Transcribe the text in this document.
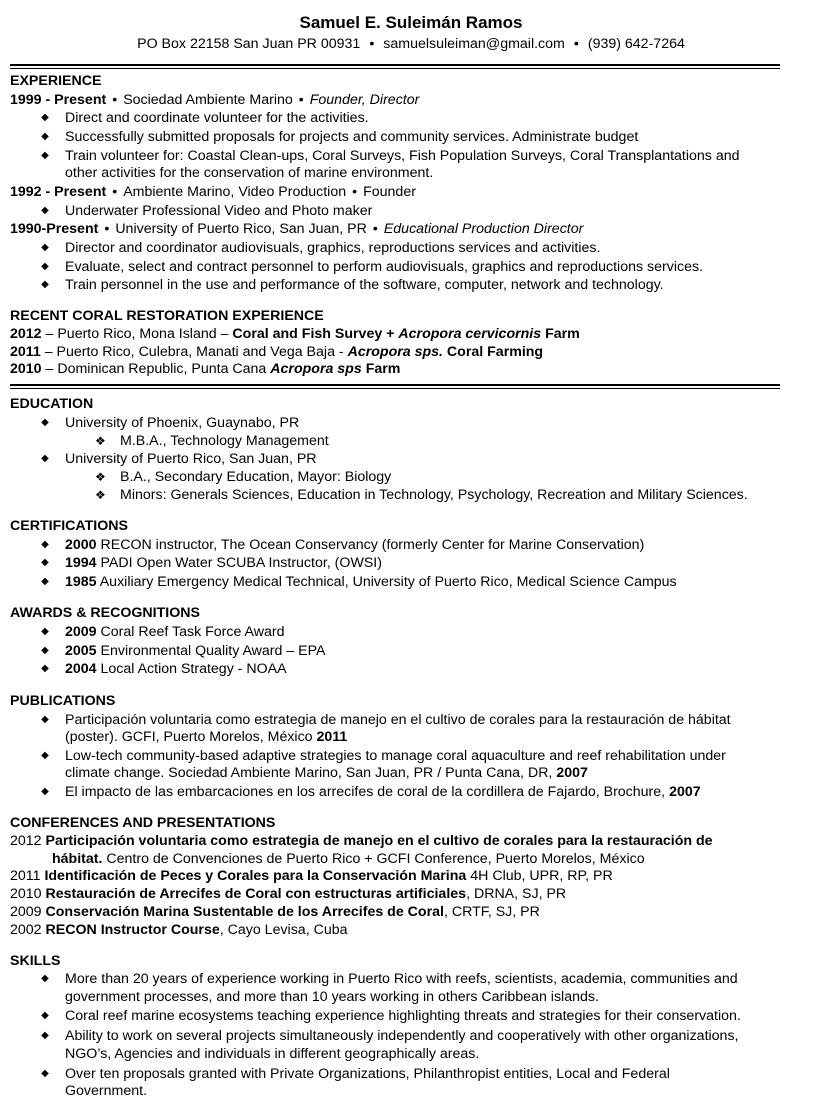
Samuel E. Suleimán Ramos
PO Box 22158 San Juan PR 00931 • samuelsuleiman@gmail.com • (939) 642-7264
EXPERIENCE
1999 - Present • Sociedad Ambiente Marino • Founder, Director
◆ Direct and coordinate volunteer for the activities.
◆ Successfully submitted proposals for projects and community services. Administrate budget
◆ Train volunteer for: Coastal Clean-ups, Coral Surveys, Fish Population Surveys, Coral Transplantations and
other activities for the conservation of marine environment.
1992 - Present • Ambiente Marino, Video Production • Founder
◆ Underwater Professional Video and Photo maker
1990-Present • University of Puerto Rico, San Juan, PR • Educational Production Director
◆ Director and coordinator audiovisuals, graphics, reproductions services and activities.
◆ Evaluate, select and contract personnel to perform audiovisuals, graphics and reproductions services.
◆ Train personnel in the use and performance of the software, computer, network and technology.
RECENT CORAL RESTORATION EXPERIENCE
2012 – Puerto Rico, Mona Island – Coral and Fish Survey + Acropora cervicornis Farm
2011 – Puerto Rico, Culebra, Manati and Vega Baja - Acropora sps. Coral Farming
2010 – Dominican Republic, Punta Cana Acropora sps Farm
EDUCATION
◆ University of Phoenix, Guaynabo, PR
❖ M.B.A., Technology Management
◆ University of Puerto Rico, San Juan, PR
❖ B.A., Secondary Education, Mayor: Biology
❖ Minors: Generals Sciences, Education in Technology, Psychology, Recreation and Military Sciences.
CERTIFICATIONS
◆ 2000 RECON instructor, The Ocean Conservancy (formerly Center for Marine Conservation)
◆ 1994 PADI Open Water SCUBA Instructor, (OWSI)
◆ 1985 Auxiliary Emergency Medical Technical, University of Puerto Rico, Medical Science Campus
AWARDS & RECOGNITIONS
◆ 2009 Coral Reef Task Force Award
◆ 2005 Environmental Quality Award – EPA
◆ 2004 Local Action Strategy - NOAA
PUBLICATIONS
◆ Participación voluntaria como estrategia de manejo en el cultivo de corales para la restauración de hábitat
(poster). GCFI, Puerto Morelos, México 2011
◆ Low-tech community-based adaptive strategies to manage coral aquaculture and reef rehabilitation under
climate change. Sociedad Ambiente Marino, San Juan, PR / Punta Cana, DR, 2007
◆ El impacto de las embarcaciones en los arrecifes de coral de la cordillera de Fajardo, Brochure, 2007
CONFERENCES AND PRESENTATIONS
2012 Participación voluntaria como estrategia de manejo en el cultivo de corales para la restauración de
hábitat. Centro de Convenciones de Puerto Rico + GCFI Conference, Puerto Morelos, México
2011 Identificación de Peces y Corales para la Conservación Marina 4H Club, UPR, RP, PR
2010 Restauración de Arrecifes de Coral con estructuras artificiales, DRNA, SJ, PR
2009 Conservación Marina Sustentable de los Arrecifes de Coral, CRTF, SJ, PR
2002 RECON Instructor Course, Cayo Levisa, Cuba
SKILLS
◆ More than 20 years of experience working in Puerto Rico with reefs, scientists, academia, communities and
government processes, and more than 10 years working in others Caribbean islands.
◆ Coral reef marine ecosystems teaching experience highlighting threats and strategies for their conservation.
◆ Ability to work on several projects simultaneously independently and cooperatively with other organizations,
NGO’s, Agencies and individuals in different geographically areas.
◆ Over ten proposals granted with Private Organizations, Philanthropist entities, Local and Federal
Government.
